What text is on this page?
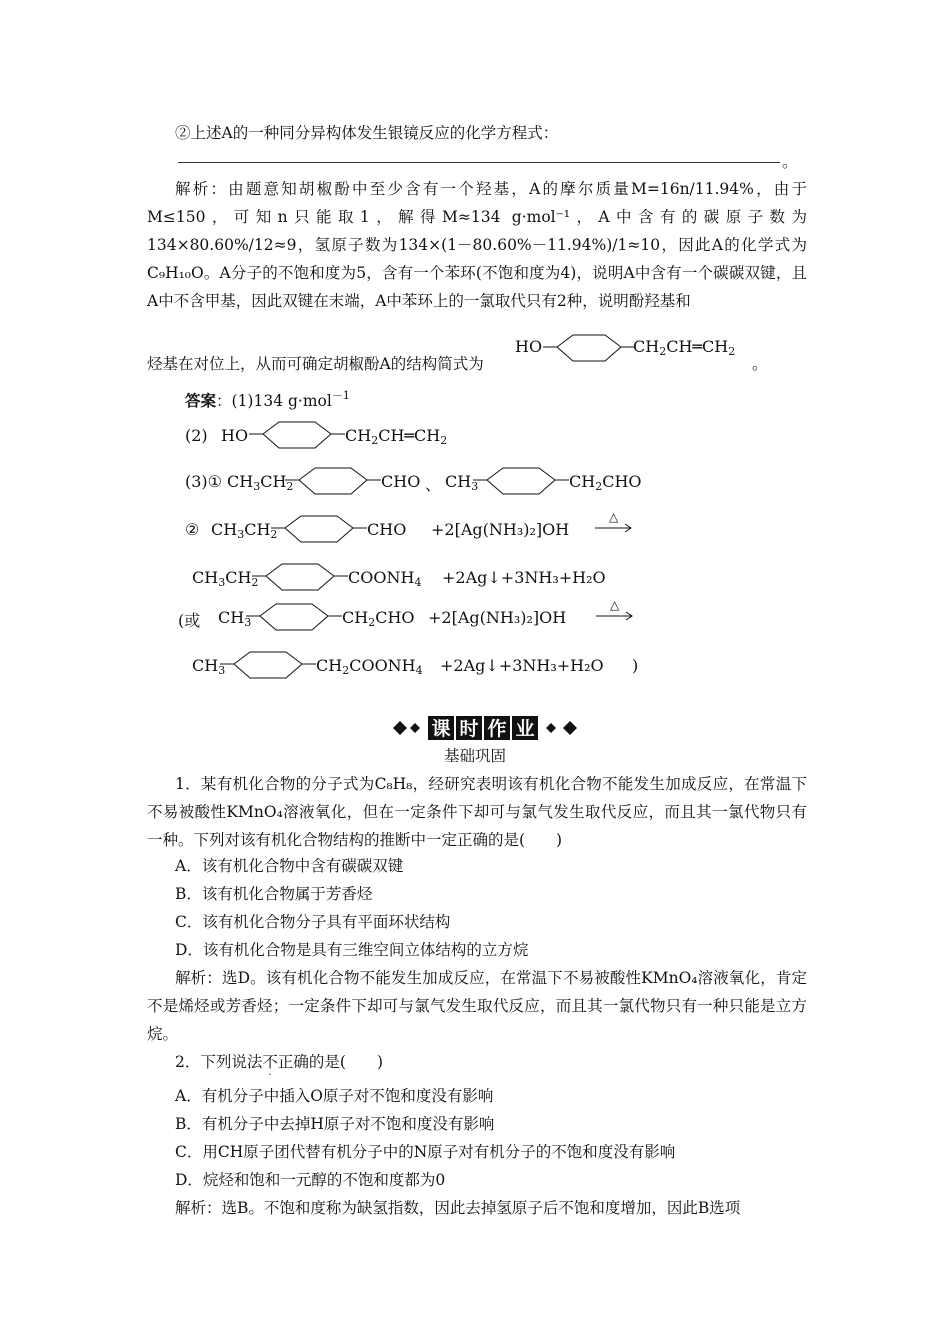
②上述A的一种同分异构体发生银镜反应的化学方程式：
。

解析：由题意知胡椒酚中至少含有一个羟基，A的摩尔质量M=16n/11.94%，由于M≤150，可知n只能取1，解得M≈134 g·mol⁻¹，A中含有的碳原子数为134×80.60%/12≈9，氢原子数为134×(1－80.60%－11.94%)/1≈10，因此A的化学式为C₉H₁₀O。A分子的不饱和度为5，含有一个苯环(不饱和度为4)，说明A中含有一个碳碳双键，且A中不含甲基，因此双键在末端，A中苯环上的一氯取代只有2种，说明酚羟基和

烃基在对位上，从而可确定胡椒酚A的结构简式为
HO	$CH_2CH═CH_2$
。
答案：(1)134 g·mol$^{-1}$
(2) HO	$CH_2CH═CH_2$
(3)① $CH_3CH_2$	CHO 、 $CH_3$	$CH_2CHO$
② $CH_3CH_2$	CHO +2[Ag(NH₃)₂]OH
△
$CH_3CH_2$	$COONH_4$ +2Ag↓+3NH₃+H₂O
(或 $CH_3$	$CH_2CHO +2[Ag(NH_3)_2]OH$
△
$CH_3$	$CH_2COONH_4$ +2Ag↓+3NH₃+H₂O )
课 时 作 业
基础巩固

1．某有机化合物的分子式为C₈H₈，经研究表明该有机化合物不能发生加成反应，在常温下不易被酸性KMnO₄溶液氧化，但在一定条件下却可与氯气发生取代反应，而且其一氯代物只有一种。下列对该有机化合物结构的推断中一定正确的是(　　)

A．该有机化合物中含有碳碳双键
B．该有机化合物属于芳香烃
C．该有机化合物分子具有平面环状结构
D．该有机化合物是具有三维空间立体结构的立方烷

解析：选D。该有机化合物不能发生加成反应，在常温下不易被酸性KMnO₄溶液氧化，肯定不是烯烃或芳香烃；一定条件下却可与氯气发生取代反应，而且其一氯代物只有一种只能是立方烷。

2．下列说法不
·
正确的是(　　)
A．有机分子中插入O原子对不饱和度没有影响
B．有机分子中去掉H原子对不饱和度没有影响
C．用CH原子团代替有机分子中的N原子对有机分子的不饱和度没有影响
D．烷烃和饱和一元醇的不饱和度都为0

解析：选B。不饱和度称为缺氢指数，因此去掉氢原子后不饱和度增加，因此B选项
